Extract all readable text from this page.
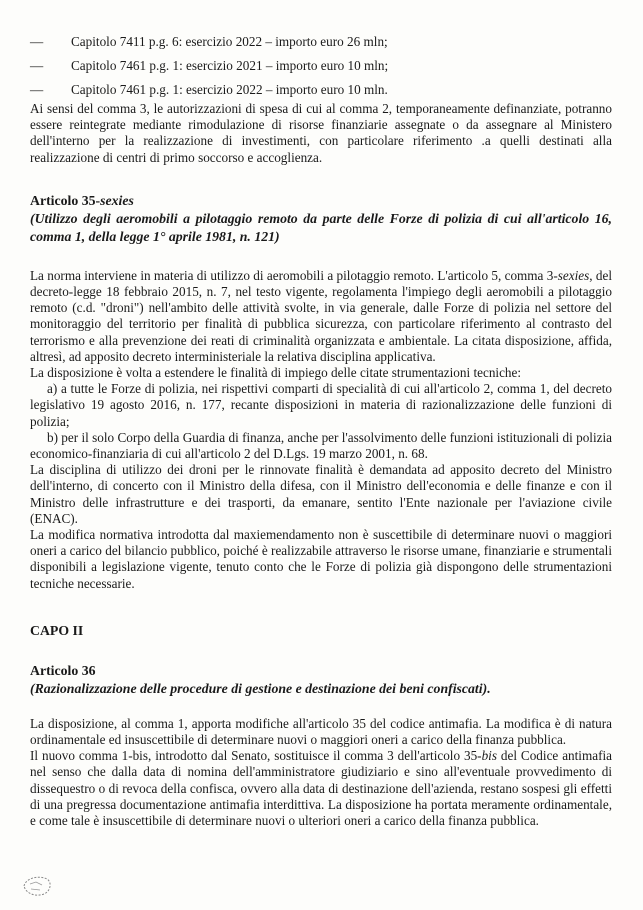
—	Capitolo 7411 p.g. 6: esercizio 2022 – importo euro 26 mln;
—	Capitolo 7461 p.g. 1: esercizio 2021 – importo euro 10 mln;
—	Capitolo 7461 p.g. 1: esercizio 2022 – importo euro 10 mln.

Ai sensi del comma 3, le autorizzazioni di spesa di cui al comma 2, temporaneamente definanziate, potranno essere reintegrate mediante rimodulazione di risorse finanziarie assegnate o da assegnare al Ministero dell'interno per la realizzazione di investimenti, con particolare riferimento .a quelli destinati alla realizzazione di centri di primo soccorso e accoglienza.

Articolo 35-sexies

(Utilizzo degli aeromobili a pilotaggio remoto da parte delle Forze di polizia di cui all'articolo 16, comma 1, della legge 1° aprile 1981, n. 121)

La norma interviene in materia di utilizzo di aeromobili a pilotaggio remoto. L'articolo 5, comma 3-sexies, del decreto-legge 18 febbraio 2015, n. 7, nel testo vigente, regolamenta l'impiego degli aeromobili a pilotaggio remoto (c.d. "droni") nell'ambito delle attività svolte, in via generale, dalle Forze di polizia nel settore del monitoraggio del territorio per finalità di pubblica sicurezza, con particolare riferimento al contrasto del terrorismo e alla prevenzione dei reati di criminalità organizzata e ambientale. La citata disposizione, affida, altresì, ad apposito decreto interministeriale la relativa disciplina applicativa.

La disposizione è volta a estendere le finalità di impiego delle citate strumentazioni tecniche:

a) a tutte le Forze di polizia, nei rispettivi comparti di specialità di cui all'articolo 2, comma 1, del decreto legislativo 19 agosto 2016, n. 177, recante disposizioni in materia di razionalizzazione delle funzioni di polizia;

b) per il solo Corpo della Guardia di finanza, anche per l'assolvimento delle funzioni istituzionali di polizia economico-finanziaria di cui all'articolo 2 del D.Lgs. 19 marzo 2001, n. 68.

La disciplina di utilizzo dei droni per le rinnovate finalità è demandata ad apposito decreto del Ministro dell'interno, di concerto con il Ministro della difesa, con il Ministro dell'economia e delle finanze e con il Ministro delle infrastrutture e dei trasporti, da emanare, sentito l'Ente nazionale per l'aviazione civile (ENAC).

La modifica normativa introdotta dal maxiemendamento non è suscettibile di determinare nuovi o maggiori oneri a carico del bilancio pubblico, poiché è realizzabile attraverso le risorse umane, finanziarie e strumentali disponibili a legislazione vigente, tenuto conto che le Forze di polizia già dispongono delle strumentazioni tecniche necessarie.

CAPO II

Articolo 36

(Razionalizzazione delle procedure di gestione e destinazione dei beni confiscati).

La disposizione, al comma 1, apporta modifiche all'articolo 35 del codice antimafia. La modifica è di natura ordinamentale ed insuscettibile di determinare nuovi o maggiori oneri a carico della finanza pubblica.

Il nuovo comma 1-bis, introdotto dal Senato, sostituisce il comma 3 dell'articolo 35-bis del Codice antimafia nel senso che dalla data di nomina dell'amministratore giudiziario e sino all'eventuale provvedimento di dissequestro o di revoca della confisca, ovvero alla data di destinazione dell'azienda, restano sospesi gli effetti di una pregressa documentazione antimafia interdittiva. La disposizione ha portata meramente ordinamentale, e come tale è insuscettibile di determinare nuovi o ulteriori oneri a carico della finanza pubblica.
